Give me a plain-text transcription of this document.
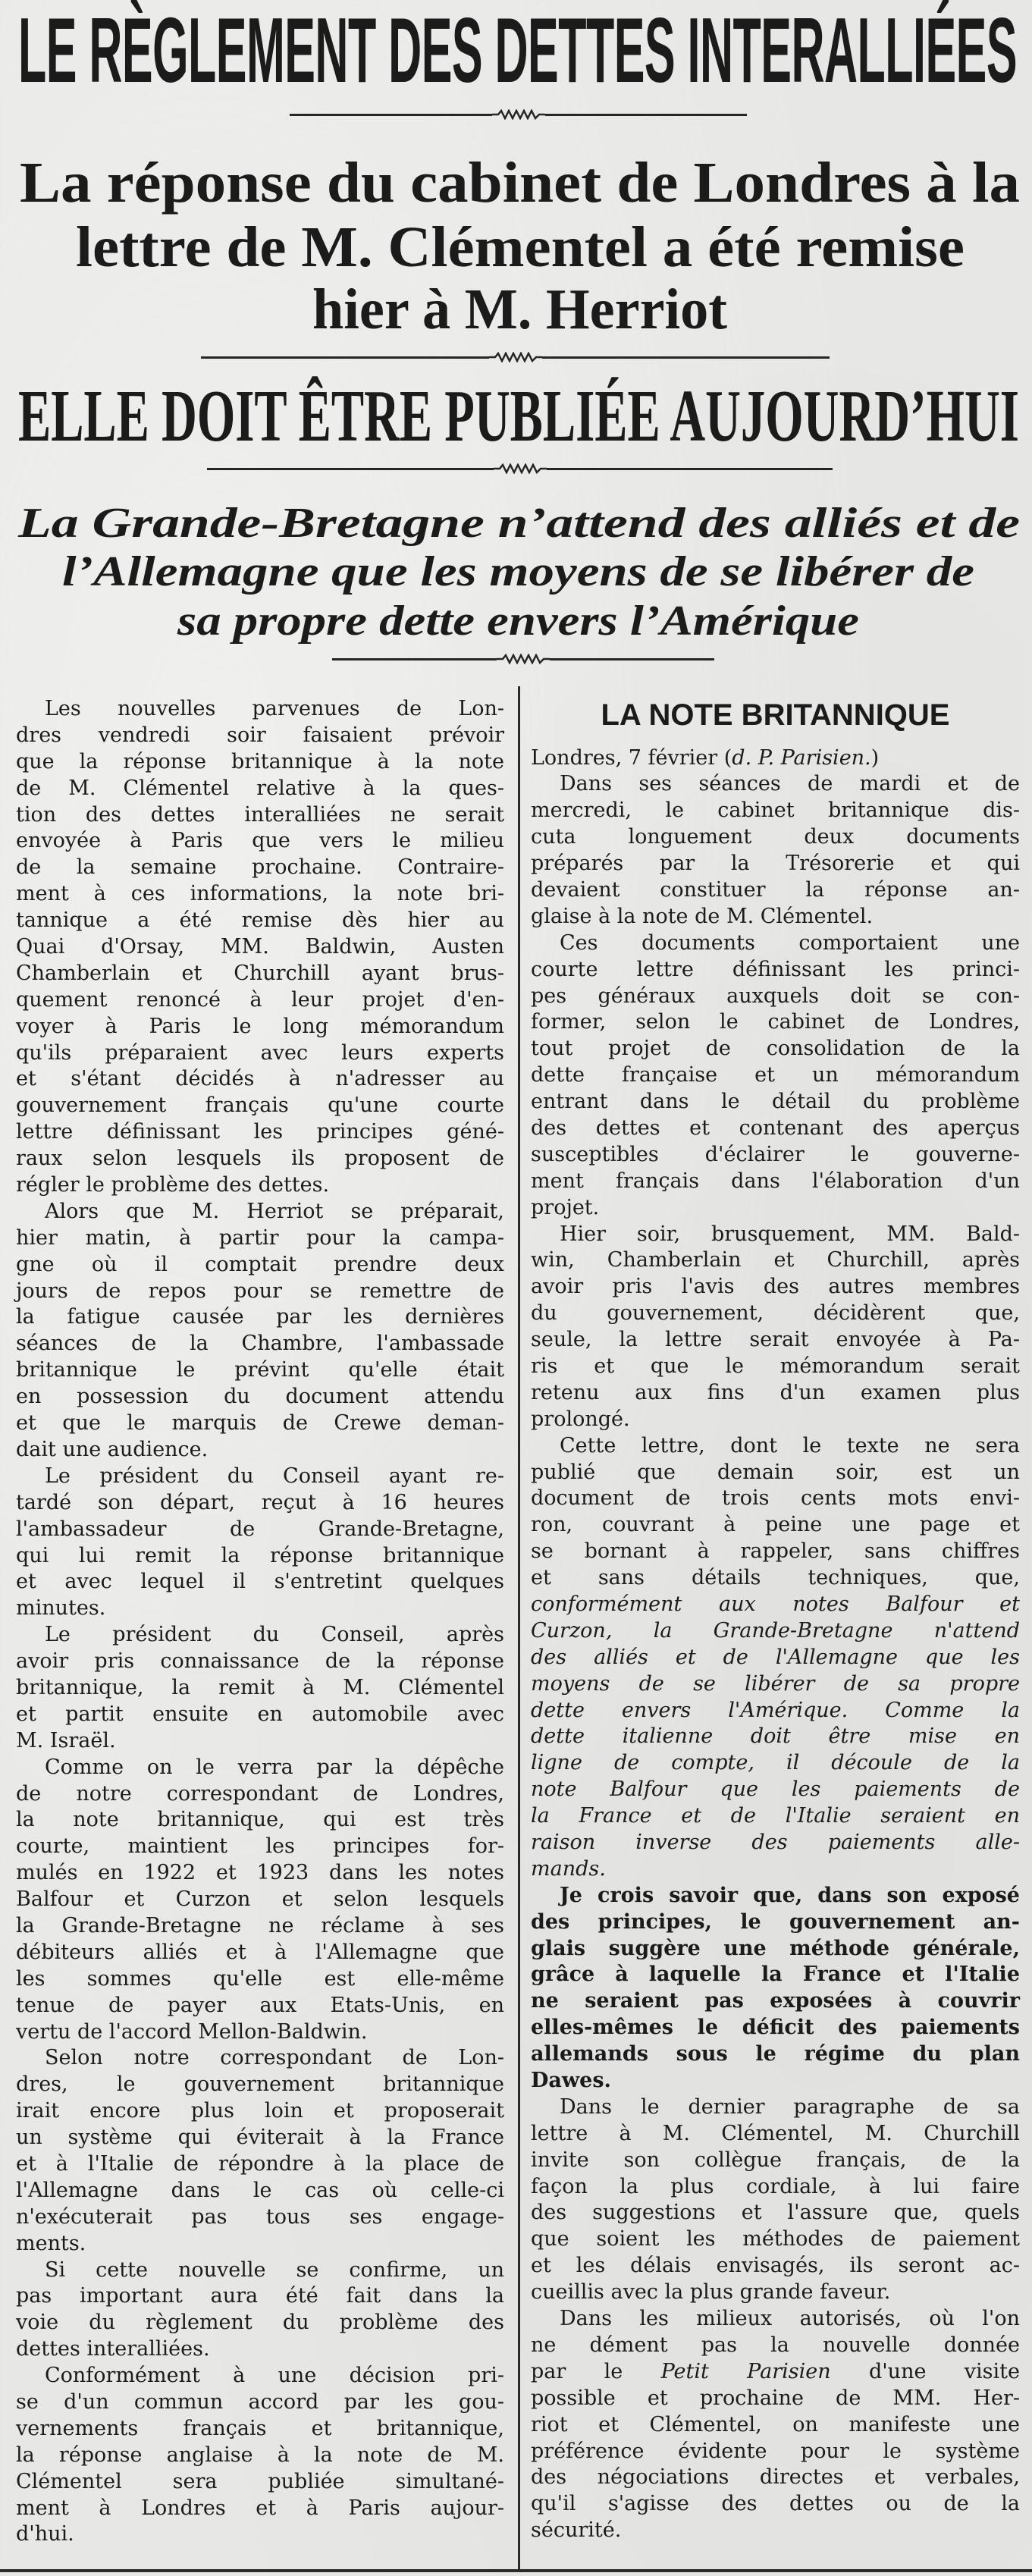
LE RÈGLEMENT DES DETTES INTERALLIÉES
La réponse du cabinet de Londres à la
lettre de M. Clémentel a été remise
hier à M. Herriot
ELLE DOIT ÊTRE PUBLIÉE AUJOURD’HUI
La Grande-Bretagne n’attend des alliés et de
l’Allemagne que les moyens de se libérer de
sa propre dette envers l’Amérique
Les nouvelles parvenues de Lon-
dres vendredi soir faisaient prévoir
que la réponse britannique à la note
de M. Clémentel relative à la ques-
tion des dettes interalliées ne serait
envoyée à Paris que vers le milieu
de la semaine prochaine. Contraire-
ment à ces informations, la note bri-
tannique a été remise dès hier au
Quai d'Orsay, MM. Baldwin, Austen
Chamberlain et Churchill ayant brus-
quement renoncé à leur projet d'en-
voyer à Paris le long mémorandum
qu'ils préparaient avec leurs experts
et s'étant décidés à n'adresser au
gouvernement français qu'une courte
lettre définissant les principes géné-
raux selon lesquels ils proposent de
régler le problème des dettes.
Alors que M. Herriot se préparait,
hier matin, à partir pour la campa-
gne où il comptait prendre deux
jours de repos pour se remettre de
la fatigue causée par les dernières
séances de la Chambre, l'ambassade
britannique le prévint qu'elle était
en possession du document attendu
et que le marquis de Crewe deman-
dait une audience.
Le président du Conseil ayant re-
tardé son départ, reçut à 16 heures
l'ambassadeur de Grande-Bretagne,
qui lui remit la réponse britannique
et avec lequel il s'entretint quelques
minutes.
Le président du Conseil, après
avoir pris connaissance de la réponse
britannique, la remit à M. Clémentel
et partit ensuite en automobile avec
M. Israël.
Comme on le verra par la dépêche
de notre correspondant de Londres,
la note britannique, qui est très
courte, maintient les principes for-
mulés en 1922 et 1923 dans les notes
Balfour et Curzon et selon lesquels
la Grande-Bretagne ne réclame à ses
débiteurs alliés et à l'Allemagne que
les sommes qu'elle est elle-même
tenue de payer aux Etats-Unis, en
vertu de l'accord Mellon-Baldwin.
Selon notre correspondant de Lon-
dres, le gouvernement britannique
irait encore plus loin et proposerait
un système qui éviterait à la France
et à l'Italie de répondre à la place de
l'Allemagne dans le cas où celle-ci
n'exécuterait pas tous ses engage-
ments.
Si cette nouvelle se confirme, un
pas important aura été fait dans la
voie du règlement du problème des
dettes interalliées.
Conformément à une décision pri-
se d'un commun accord par les gou-
vernements français et britannique,
la réponse anglaise à la note de M.
Clémentel sera publiée simultané-
ment à Londres et à Paris aujour-
d'hui.
LA NOTE BRITANNIQUE
Londres, 7 février (d. P. Parisien.)
Dans ses séances de mardi et de
mercredi, le cabinet britannique dis-
cuta longuement deux documents
préparés par la Trésorerie et qui
devaient constituer la réponse an-
glaise à la note de M. Clémentel.
Ces documents comportaient une
courte lettre définissant les princi-
pes généraux auxquels doit se con-
former, selon le cabinet de Londres,
tout projet de consolidation de la
dette française et un mémorandum
entrant dans le détail du problème
des dettes et contenant des aperçus
susceptibles d'éclairer le gouverne-
ment français dans l'élaboration d'un
projet.
Hier soir, brusquement, MM. Bald-
win, Chamberlain et Churchill, après
avoir pris l'avis des autres membres
du gouvernement, décidèrent que,
seule, la lettre serait envoyée à Pa-
ris et que le mémorandum serait
retenu aux fins d'un examen plus
prolongé.
Cette lettre, dont le texte ne sera
publié que demain soir, est un
document de trois cents mots envi-
ron, couvrant à peine une page et
se bornant à rappeler, sans chiffres
et sans détails techniques, que,
conformément aux notes Balfour et
Curzon, la Grande-Bretagne n'attend
des alliés et de l'Allemagne que les
moyens de se libérer de sa propre
dette envers l'Amérique. Comme la
dette italienne doit être mise en
ligne de compte, il découle de la
note Balfour que les paiements de
la France et de l'Italie seraient en
raison inverse des paiements alle-
mands.
Je crois savoir que, dans son exposé
des principes, le gouvernement an-
glais suggère une méthode générale,
grâce à laquelle la France et l'Italie
ne seraient pas exposées à couvrir
elles-mêmes le déficit des paiements
allemands sous le régime du plan
Dawes.
Dans le dernier paragraphe de sa
lettre à M. Clémentel, M. Churchill
invite son collègue français, de la
façon la plus cordiale, à lui faire
des suggestions et l'assure que, quels
que soient les méthodes de paiement
et les délais envisagés, ils seront ac-
cueillis avec la plus grande faveur.
Dans les milieux autorisés, où l'on
ne dément pas la nouvelle donnée
par le Petit Parisien d'une visite
possible et prochaine de MM. Her-
riot et Clémentel, on manifeste une
préférence évidente pour le système
des négociations directes et verbales,
qu'il s'agisse des dettes ou de la
sécurité.
